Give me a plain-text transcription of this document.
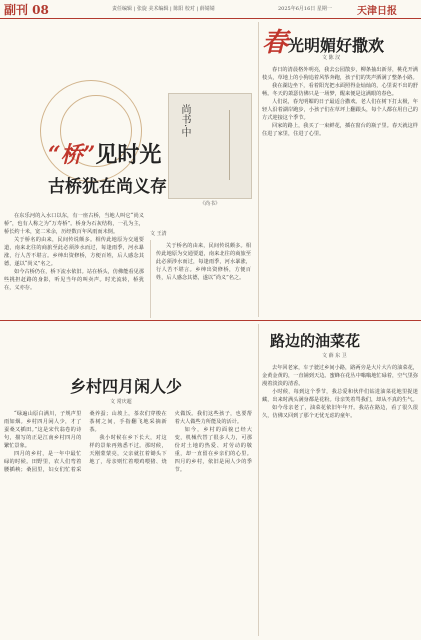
副刊 08	责任编辑 | 张旋 美术编辑 | 陈阳 校对 | 薛婧婧	2025年6月16日 星期一	天津日报
“桥”见时光
古桥犹在尚义存
文 王清
尚书·中
《尚书》

在东乐河的入水口以东，有一座古桥，当地人叫它“尚义桥”，也有人称之为“万寿桥”。桥身为石灰结构，一孔为主，桥长约十米，宽二米余，历经数百年风雨而未倒。

关于桥名的由来，民间传说颇多。相传此地原为交通要道，南来北往的商旅至此必须涉水而过，每逢雨季，河水暴涨，行人苦不堪言。乡绅出资修桥，方便百姓，后人感念其德，遂以“尚义”名之。

如今古桥仍在，桥下流水依旧。站在桥头，仿佛能看见那些挑担赶路的身影，听见当年的叫卖声。时光流转，桥犹在，义亦存。

关于桥名的由来，民间传说颇多。相传此地原为交通要道，南来北往的商旅至此必须涉水而过，每逢雨季，河水暴涨，行人苦不堪言。乡绅出资修桥，方便百姓，后人感念其德，遂以“尚义”名之。

春光明媚好撒欢
文 陈 汉

春日的清晨格外明亮，我去公园散步，柳条抽出新芽，桃花开满枝头，草地上的小狗追着风筝奔跑，孩子们的笑声洒满了整条小路。

我在湖边坐下，看着阳光把水面照得金灿灿的，心里说不出的舒畅。冬天的萧瑟仿佛只是一场梦，醒来便是这满眼的春色。

人们说，春光明媚的日子最适合撒欢。老人们在树下打太极，年轻人沿着湖岸跑步，小孩子们在草坪上翻跟头，每个人都在用自己的方式迎接这个季节。

回家的路上，我买了一束鲜花，插在窗台的瓶子里。春天就这样住进了家里，住进了心里。

路边的油菜花
文 薛 东 卫

去年回老家，车子驶过乡间小路，路两旁是大片大片的油菜花，金黄金黄的，一直铺到天边。蜜蜂在花丛中嗡嗡地忙碌着，空气里弥漫着淡淡的清香。

小时候，每到这个季节，我总爱和伙伴们钻进油菜花地里捉迷藏，出来时满头满身都是花粉。母亲笑着骂我们，却从不真的生气。

如今母亲老了，油菜花依旧年年开。我站在路边，看了很久很久，仿佛又回到了那个无忧无虑的童年。

乡村四月闲人少
文 常庆超

“绿遍山原白满川，子规声里雨如烟。乡村四月闲人少，才了蚕桑又插田。”这是宋代翁卷的诗句，描写的正是江南乡村四月的繁忙景象。

四月的乡村，是一年中最忙碌的时候。田野里，农人们弯着腰插秧；桑园里，妇女们忙着采桑养蚕；山坡上，茶农们穿梭在茶树之间，手指翻飞地采摘新茶。

我小时候在乡下长大，对这样的景象再熟悉不过。那时候，天刚蒙蒙亮，父亲就扛着锄头下地了，母亲则忙着喂鸡喂猪、烧火做饭。我们这些孩子，也要帮着大人做些力所能及的活计。

如今，乡村的面貌已经大变，机械代替了很多人力，可那份对土地的热爱、对劳动的敬重，却一直留在乡亲们的心里。四月的乡村，依旧是闲人少的季节。
